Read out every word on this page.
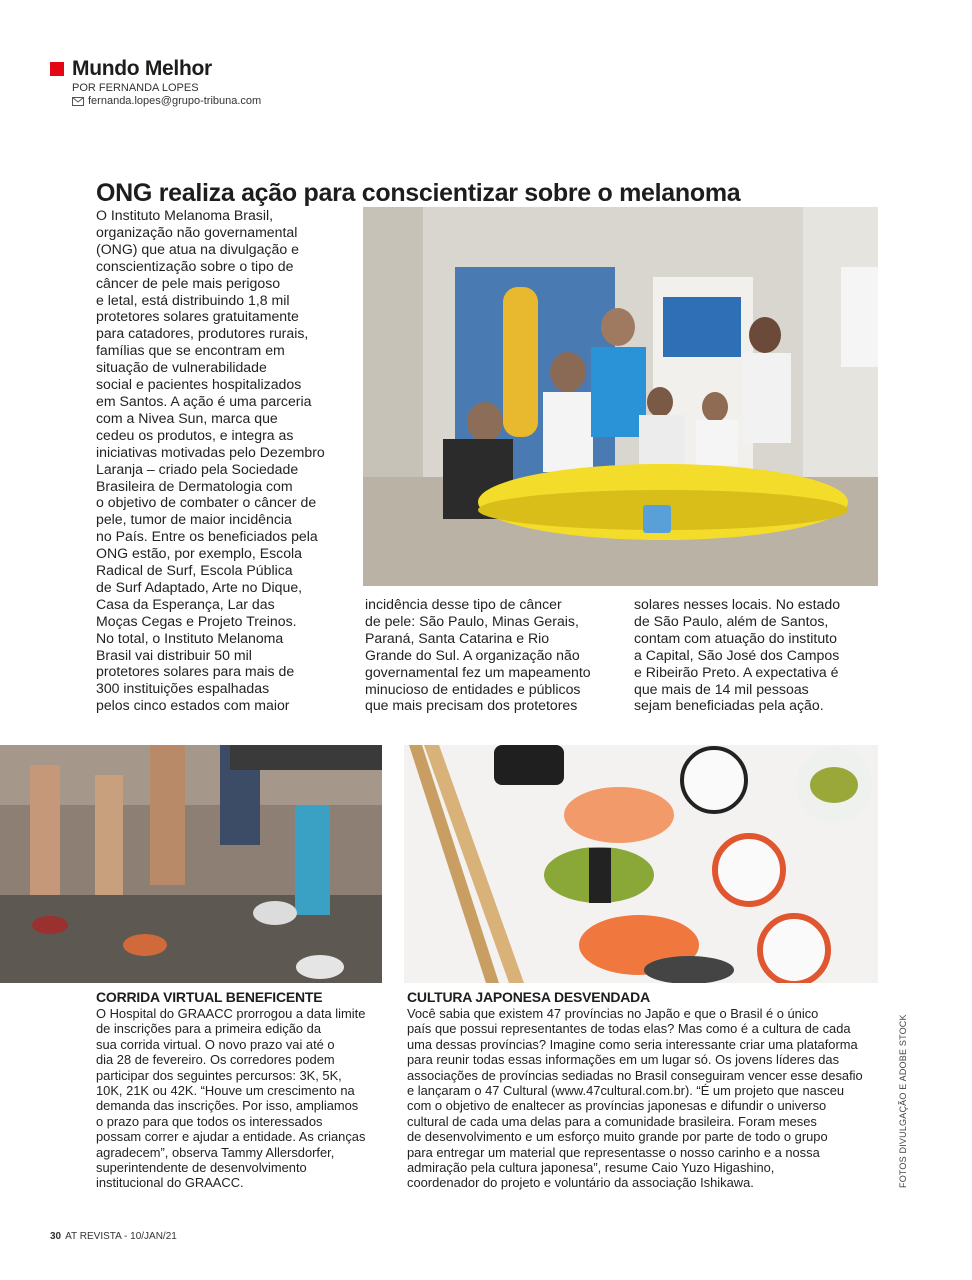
Mundo Melhor
POR FERNANDA LOPES
fernanda.lopes@grupo-tribuna.com
ONG realiza ação para conscientizar sobre o melanoma
O Instituto Melanoma Brasil,
organização não governamental
(ONG) que atua na divulgação e
conscientização sobre o tipo de
câncer de pele mais perigoso
e letal, está distribuindo 1,8 mil
protetores solares gratuitamente
para catadores, produtores rurais,
famílias que se encontram em
situação de vulnerabilidade
social e pacientes hospitalizados
em Santos. A ação é uma parceria
com a Nivea Sun, marca que
cedeu os produtos, e integra as
iniciativas motivadas pelo Dezembro
Laranja – criado pela Sociedade
Brasileira de Dermatologia com
o objetivo de combater o câncer de
pele, tumor de maior incidência
no País. Entre os beneficiados pela
ONG estão, por exemplo, Escola
Radical de Surf, Escola Pública
de Surf Adaptado, Arte no Dique,
Casa da Esperança, Lar das
Moças Cegas e Projeto Treinos.
No total, o Instituto Melanoma
Brasil vai distribuir 50 mil
protetores solares para mais de
300 instituições espalhadas
pelos cinco estados com maior
incidência desse tipo de câncer
de pele: São Paulo, Minas Gerais,
Paraná, Santa Catarina e Rio
Grande do Sul. A organização não
governamental fez um mapeamento
minucioso de entidades e públicos
que mais precisam dos protetores
solares nesses locais. No estado
de São Paulo, além de Santos,
contam com atuação do instituto
a Capital, São José dos Campos
e Ribeirão Preto. A expectativa é
que mais de 14 mil pessoas
sejam beneficiadas pela ação.
CORRIDA VIRTUAL BENEFICENTE
O Hospital do GRAACC prorrogou a data limite
de inscrições para a primeira edição da
sua corrida virtual. O novo prazo vai até o
dia 28 de fevereiro. Os corredores podem
participar dos seguintes percursos: 3K, 5K,
10K, 21K ou 42K. “Houve um crescimento na
demanda das inscrições. Por isso, ampliamos
o prazo para que todos os interessados
possam correr e ajudar a entidade. As crianças
agradecem”, observa Tammy Allersdorfer,
superintendente de desenvolvimento
institucional do GRAACC.
CULTURA JAPONESA DESVENDADA
Você sabia que existem 47 províncias no Japão e que o Brasil é o único
país que possui representantes de todas elas? Mas como é a cultura de cada
uma dessas províncias? Imagine como seria interessante criar uma plataforma
para reunir todas essas informações em um lugar só. Os jovens líderes das
associações de províncias sediadas no Brasil conseguiram vencer esse desafio
e lançaram o 47 Cultural (www.47cultural.com.br). “É um projeto que nasceu
com o objetivo de enaltecer as províncias japonesas e difundir o universo
cultural de cada uma delas para a comunidade brasileira. Foram meses
de desenvolvimento e um esforço muito grande por parte de todo o grupo
para entregar um material que representasse o nosso carinho e a nossa
admiração pela cultura japonesa”, resume Caio Yuzo Higashino,
coordenador do projeto e voluntário da associação Ishikawa.	FOTOS DIVULGAÇÃO E ADOBE STOCK
30 AT REVISTA - 10/JAN/21
